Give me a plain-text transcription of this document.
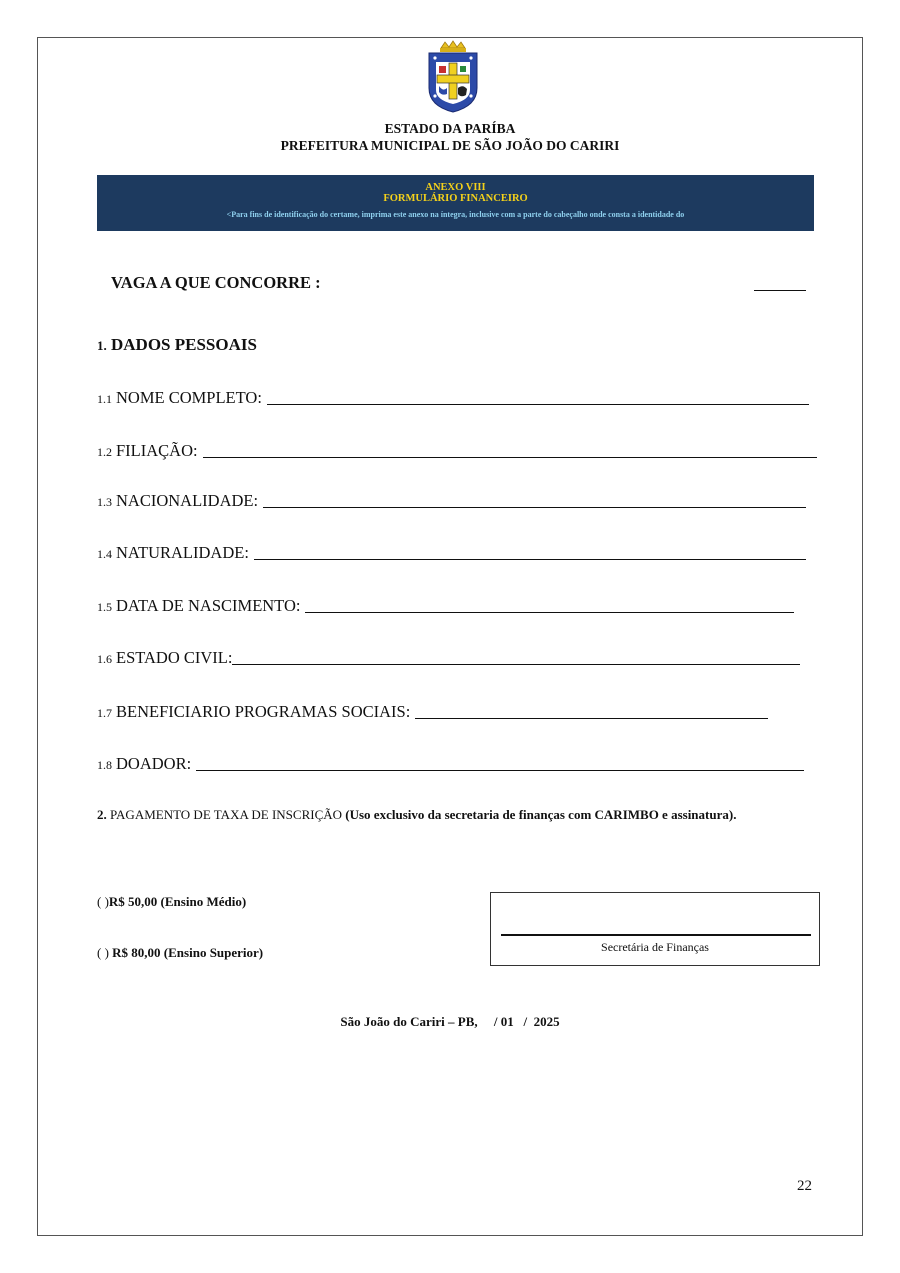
ESTADO DA PARÍBA
PREFEITURA MUNICIPAL DE SÃO JOÃO DO CARIRI
ANEXO VIII
FORMULÁRIO FINANCEIRO
<Para fins de identificação do certame, imprima este anexo na íntegra, inclusive com a parte do cabeçalho onde consta a identidade do
VAGA A QUE CONCORRE :
1. DADOS PESSOAIS
1.1 NOME COMPLETO:
1.2 FILIAÇÃO:
1.3 NACIONALIDADE:
1.4 NATURALIDADE:
1.5 DATA DE NASCIMENTO:
1.6 ESTADO CIVIL:
1.7 BENEFICIARIO PROGRAMAS SOCIAIS:
1.8 DOADOR:
2. PAGAMENTO DE TAXA DE INSCRIÇÃO (Uso exclusivo da secretaria de finanças com CARIMBO e assinatura).
( )R$ 50,00 (Ensino Médio)
( ) R$ 80,00 (Ensino Superior)	Secretária de Finanças
São João do Cariri – PB,     / 01   /  2025
22
